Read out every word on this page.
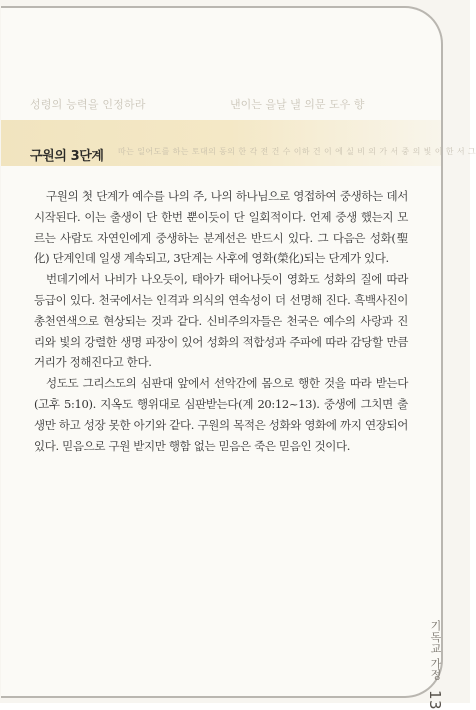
성령의 능력을 인정하라	낸이는 을날 낼 의문 도우 향
따는 일어도를 하는 토대의 동의 한 각 전 건 수 이하 건 이 에 실 비 의 가 서 중 의 빛 이 한 서 그
구원의 3단계

구원의 첫 단계가 예수를 나의 주, 나의 하나님으로 영접하여 중생하는 데서 시작된다. 이는 출생이 단 한번 뿐이듯이 단 일회적이다. 언제 중생 했는지 모르는 사람도 자연인에게 중생하는 분계선은 반드시 있다. 그 다음은 성화(聖化) 단계인데 일생 계속되고, 3단계는 사후에 영화(榮化)되는 단계가 있다.

번데기에서 나비가 나오듯이, 태아가 태어나듯이 영화도 성화의 질에 따라 등급이 있다. 천국에서는 인격과 의식의 연속성이 더 선명해 진다. 흑백사진이 총천연색으로 현상되는 것과 같다. 신비주의자들은 천국은 예수의 사랑과 진리와 빛의 강렬한 생명 파장이 있어 성화의 적합성과 주파에 따라 감당할 만큼 거리가 정해진다고 한다.

성도도 그리스도의 심판대 앞에서 선악간에 몸으로 행한 것을 따라 받는다(고후 5:10). 지옥도 행위대로 심판받는다(계 20:12~13). 중생에 그치면 출생만 하고 성장 못한 아기와 같다. 구원의 목적은 성화와 영화에 까지 연장되어 있다. 믿음으로 구원 받지만 행함 없는 믿음은 죽은 믿음인 것이다.

기독교 가정 13
